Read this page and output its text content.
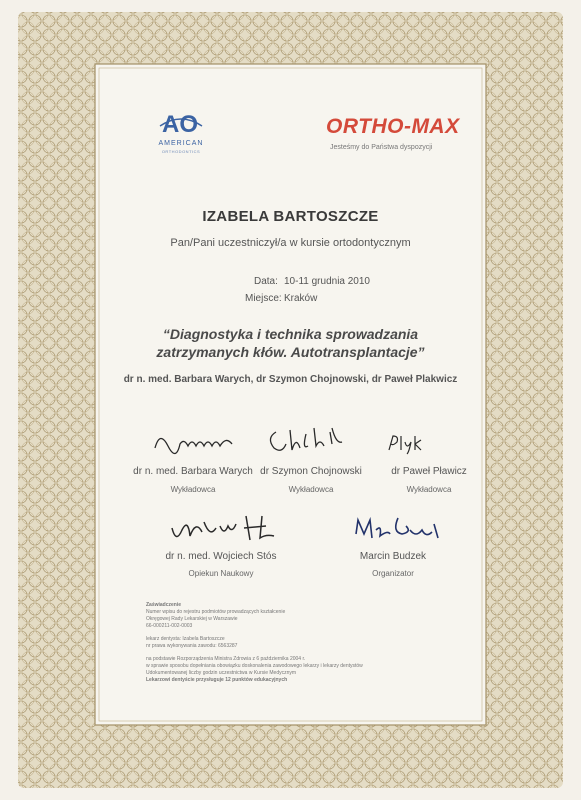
AO
AMERICAN
ORTHODONTICS
ORTHO-MAX
Jesteśmy do Państwa dyspozycji
IZABELA BARTOSZCZE
Pan/Pani uczestniczył/a w kursie ortodontycznym
Data: 10-11 grudnia 2010
Miejsce: Kraków
“Diagnostyka i technika sprowadzania
zatrzymanych kłów. Autotransplantacje”
dr n. med. Barbara Warych, dr Szymon Chojnowski, dr Paweł Plakwicz
dr n. med. Barbara Warych
Wykładowca
dr Szymon Chojnowski
Wykładowca
dr Paweł Pławicz
Wykładowca
dr n. med. Wojciech Stós
Opiekun Naukowy
Marcin Budzek
Organizator
Zaświadczenie
Numer wpisu do rejestru podmiotów prowadzących kształcenie
Okręgowej Rady Lekarskiej w Warszawie
66-000211-002-0003
lekarz dentysta: Izabela Bartoszcze
nr prawa wykonywania zawodu: 6563287
na podstawie Rozporządzenia Ministra Zdrowia z 6 października 2004 r.
w sprawie sposobu dopełniania obowiązku doskonalenia zawodowego lekarzy i lekarzy dentystów
Udokumentowanej liczby godzin uczestnictwa w Kursie Medycznym
Lekarzowi dentyście przysługuje 12 punktów edukacyjnych
